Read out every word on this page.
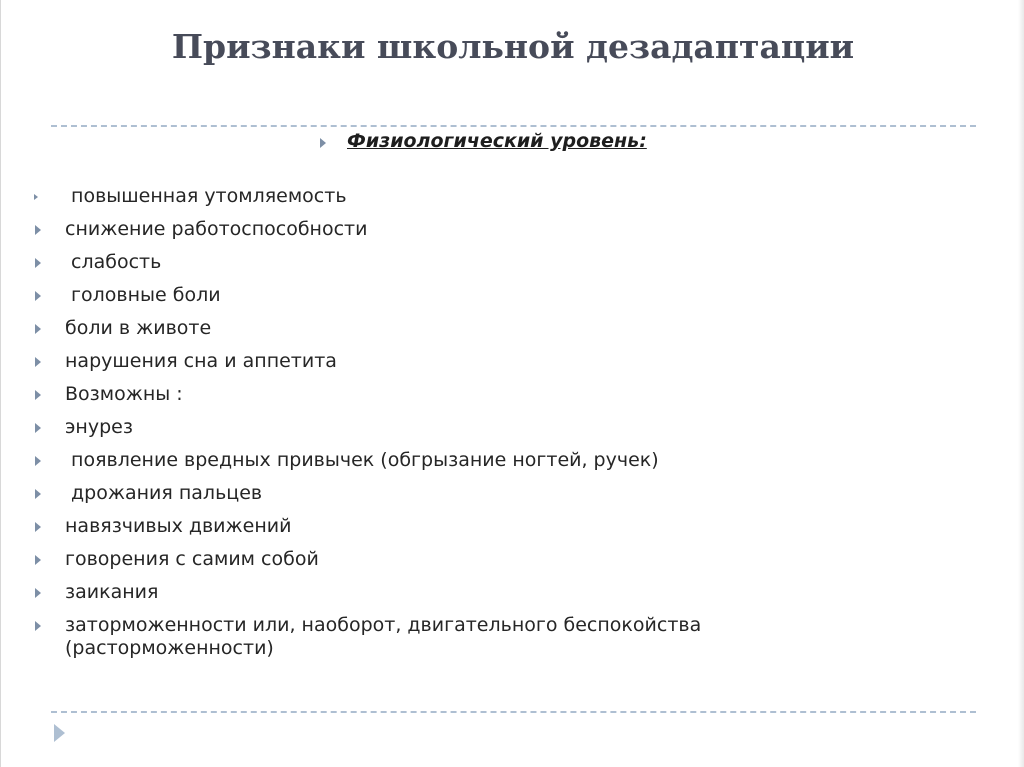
Признаки школьной дезадаптации
Физиологический уровень:
повышенная утомляемость
снижение работоспособности
слабость
головные боли
боли в животе
нарушения сна и аппетита
Возможны :
энурез
появление вредных привычек (обгрызание ногтей, ручек)
дрожания пальцев
навязчивых движений
говорения с самим собой
заикания
заторможенности или, наоборот, двигательного беспокойства
(расторможенности)
